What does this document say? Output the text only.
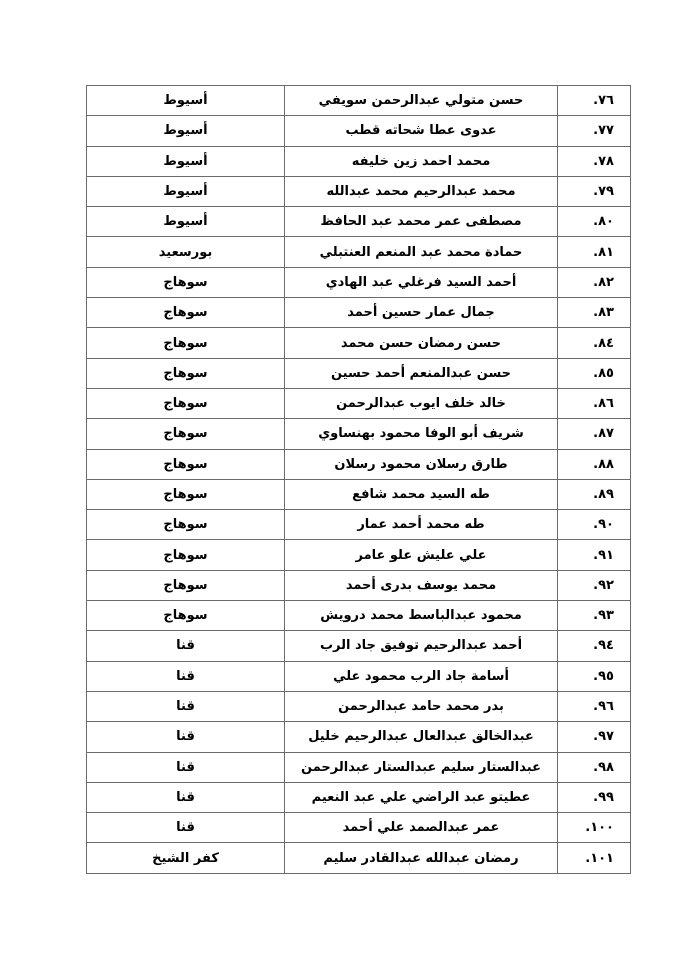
٧٦.	حسن متولي عبدالرحمن سويفي	أسيوط
٧٧.	عدوى عطا شحاته قطب	أسيوط
٧٨.	محمد احمد زين خليفه	أسيوط
٧٩.	محمد عبدالرحيم محمد عبدالله	أسيوط
٨٠.	مصطفى عمر محمد عبد الحافظ	أسيوط
٨١.	حمادة محمد عبد المنعم العنتبلي	بورسعيد
٨٢.	أحمد السيد فرغلي عبد الهادي	سوهاج
٨٣.	جمال عمار حسين أحمد	سوهاج
٨٤.	حسن رمضان حسن محمد	سوهاج
٨٥.	حسن عبدالمنعم أحمد حسين	سوهاج
٨٦.	خالد خلف ايوب عبدالرحمن	سوهاج
٨٧.	شريف أبو الوفا محمود بهنساوي	سوهاج
٨٨.	طارق رسلان محمود رسلان	سوهاج
٨٩.	طه السيد محمد شافع	سوهاج
٩٠.	طه محمد أحمد عمار	سوهاج
٩١.	علي عليش علو عامر	سوهاج
٩٢.	محمد يوسف بدرى أحمد	سوهاج
٩٣.	محمود عبدالباسط محمد درويش	سوهاج
٩٤.	أحمد عبدالرحيم توفيق جاد الرب	قنا
٩٥.	أسامة جاد الرب محمود علي	قنا
٩٦.	بدر محمد حامد عبدالرحمن	قنا
٩٧.	عبدالخالق عبدالعال عبدالرحيم خليل	قنا
٩٨.	عبدالستار سليم عبدالستار عبدالرحمن	قنا
٩٩.	عطيتو عبد الراضي علي عبد النعيم	قنا
١٠٠.	عمر عبدالصمد علي أحمد	قنا
١٠١.	رمضان عبدالله عبدالقادر سليم	كفر الشيخ
